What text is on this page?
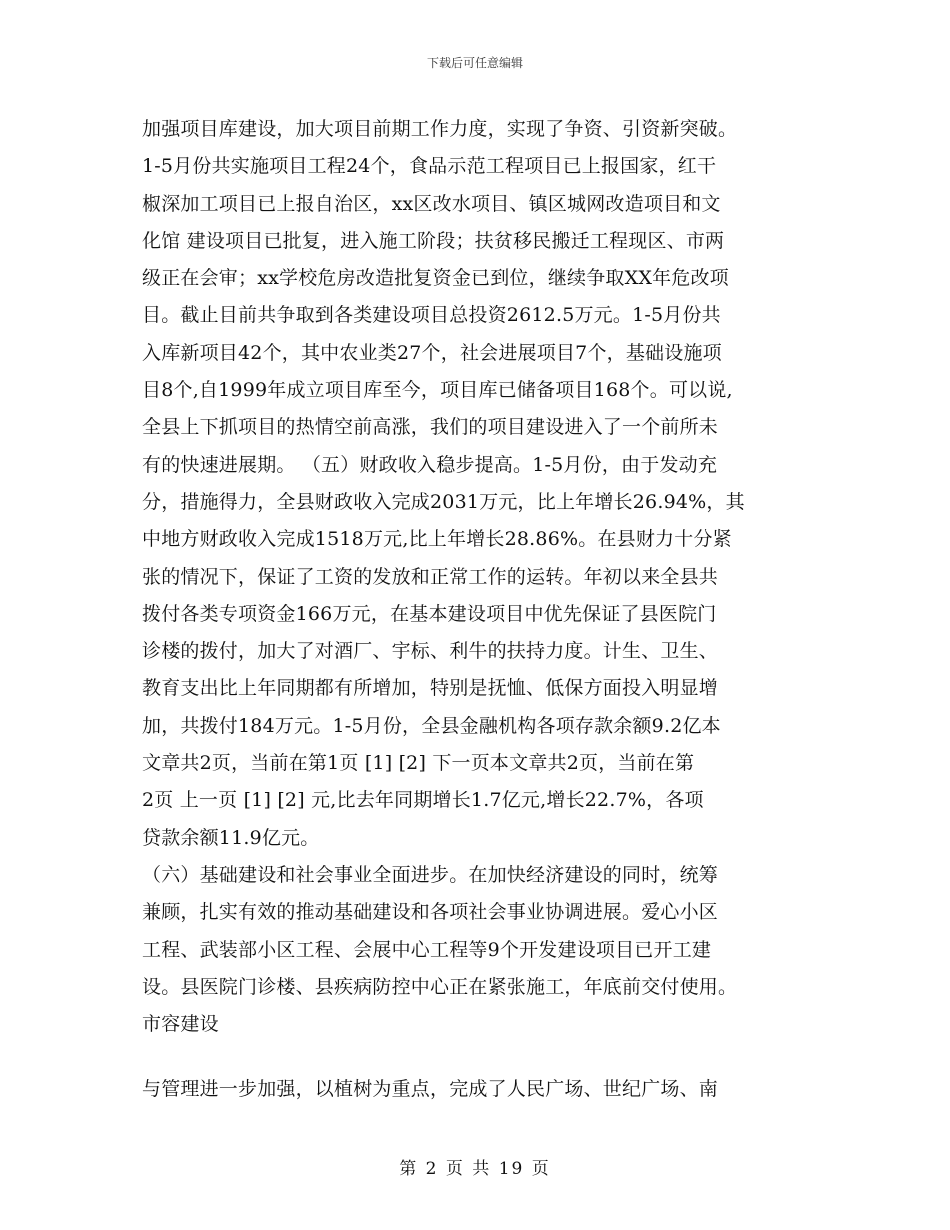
下载后可任意编辑
加强项目库建设，加大项目前期工作力度，实现了争资、引资新突破。
1-5月份共实施项目工程24个，食品示范工程项目已上报国家，红干
椒深加工项目已上报自治区，xx区改水项目、镇区城网改造项目和文
化馆 建设项目已批复，进入施工阶段；扶贫移民搬迁工程现区、市两
级正在会审；xx学校危房改造批复资金已到位，继续争取XX年危改项
目。截止目前共争取到各类建设项目总投资2612.5万元。1-5月份共
入库新项目42个，其中农业类27个，社会进展项目7个，基础设施项
目8个,自1999年成立项目库至今，项目库已储备项目168个。可以说,
全县上下抓项目的热情空前高涨，我们的项目建设进入了一个前所未
有的快速进展期。 （五）财政收入稳步提高。1-5月份，由于发动充
分，措施得力，全县财政收入完成2031万元，比上年增长26.94%，其
中地方财政收入完成1518万元,比上年增长28.86%。在县财力十分紧
张的情况下，保证了工资的发放和正常工作的运转。年初以来全县共
拨付各类专项资金166万元，在基本建设项目中优先保证了县医院门
诊楼的拨付，加大了对酒厂、宇标、利牛的扶持力度。计生、卫生、
教育支出比上年同期都有所增加，特别是抚恤、低保方面投入明显增
加，共拨付184万元。1-5月份，全县金融机构各项存款余额9.2亿本
文章共2页，当前在第1页 [1] [2] 下一页本文章共2页，当前在第
2页 上一页 [1] [2] 元,比去年同期增长1.7亿元,增长22.7%，各项
贷款余额11.9亿元。
（六）基础建设和社会事业全面进步。在加快经济建设的同时，统筹
兼顾，扎实有效的推动基础建设和各项社会事业协调进展。爱心小区
工程、武装部小区工程、会展中心工程等9个开发建设项目已开工建
设。县医院门诊楼、县疾病防控中心正在紧张施工，年底前交付使用。
市容建设
与管理进一步加强，以植树为重点，完成了人民广场、世纪广场、南
第 2 页 共 19 页
